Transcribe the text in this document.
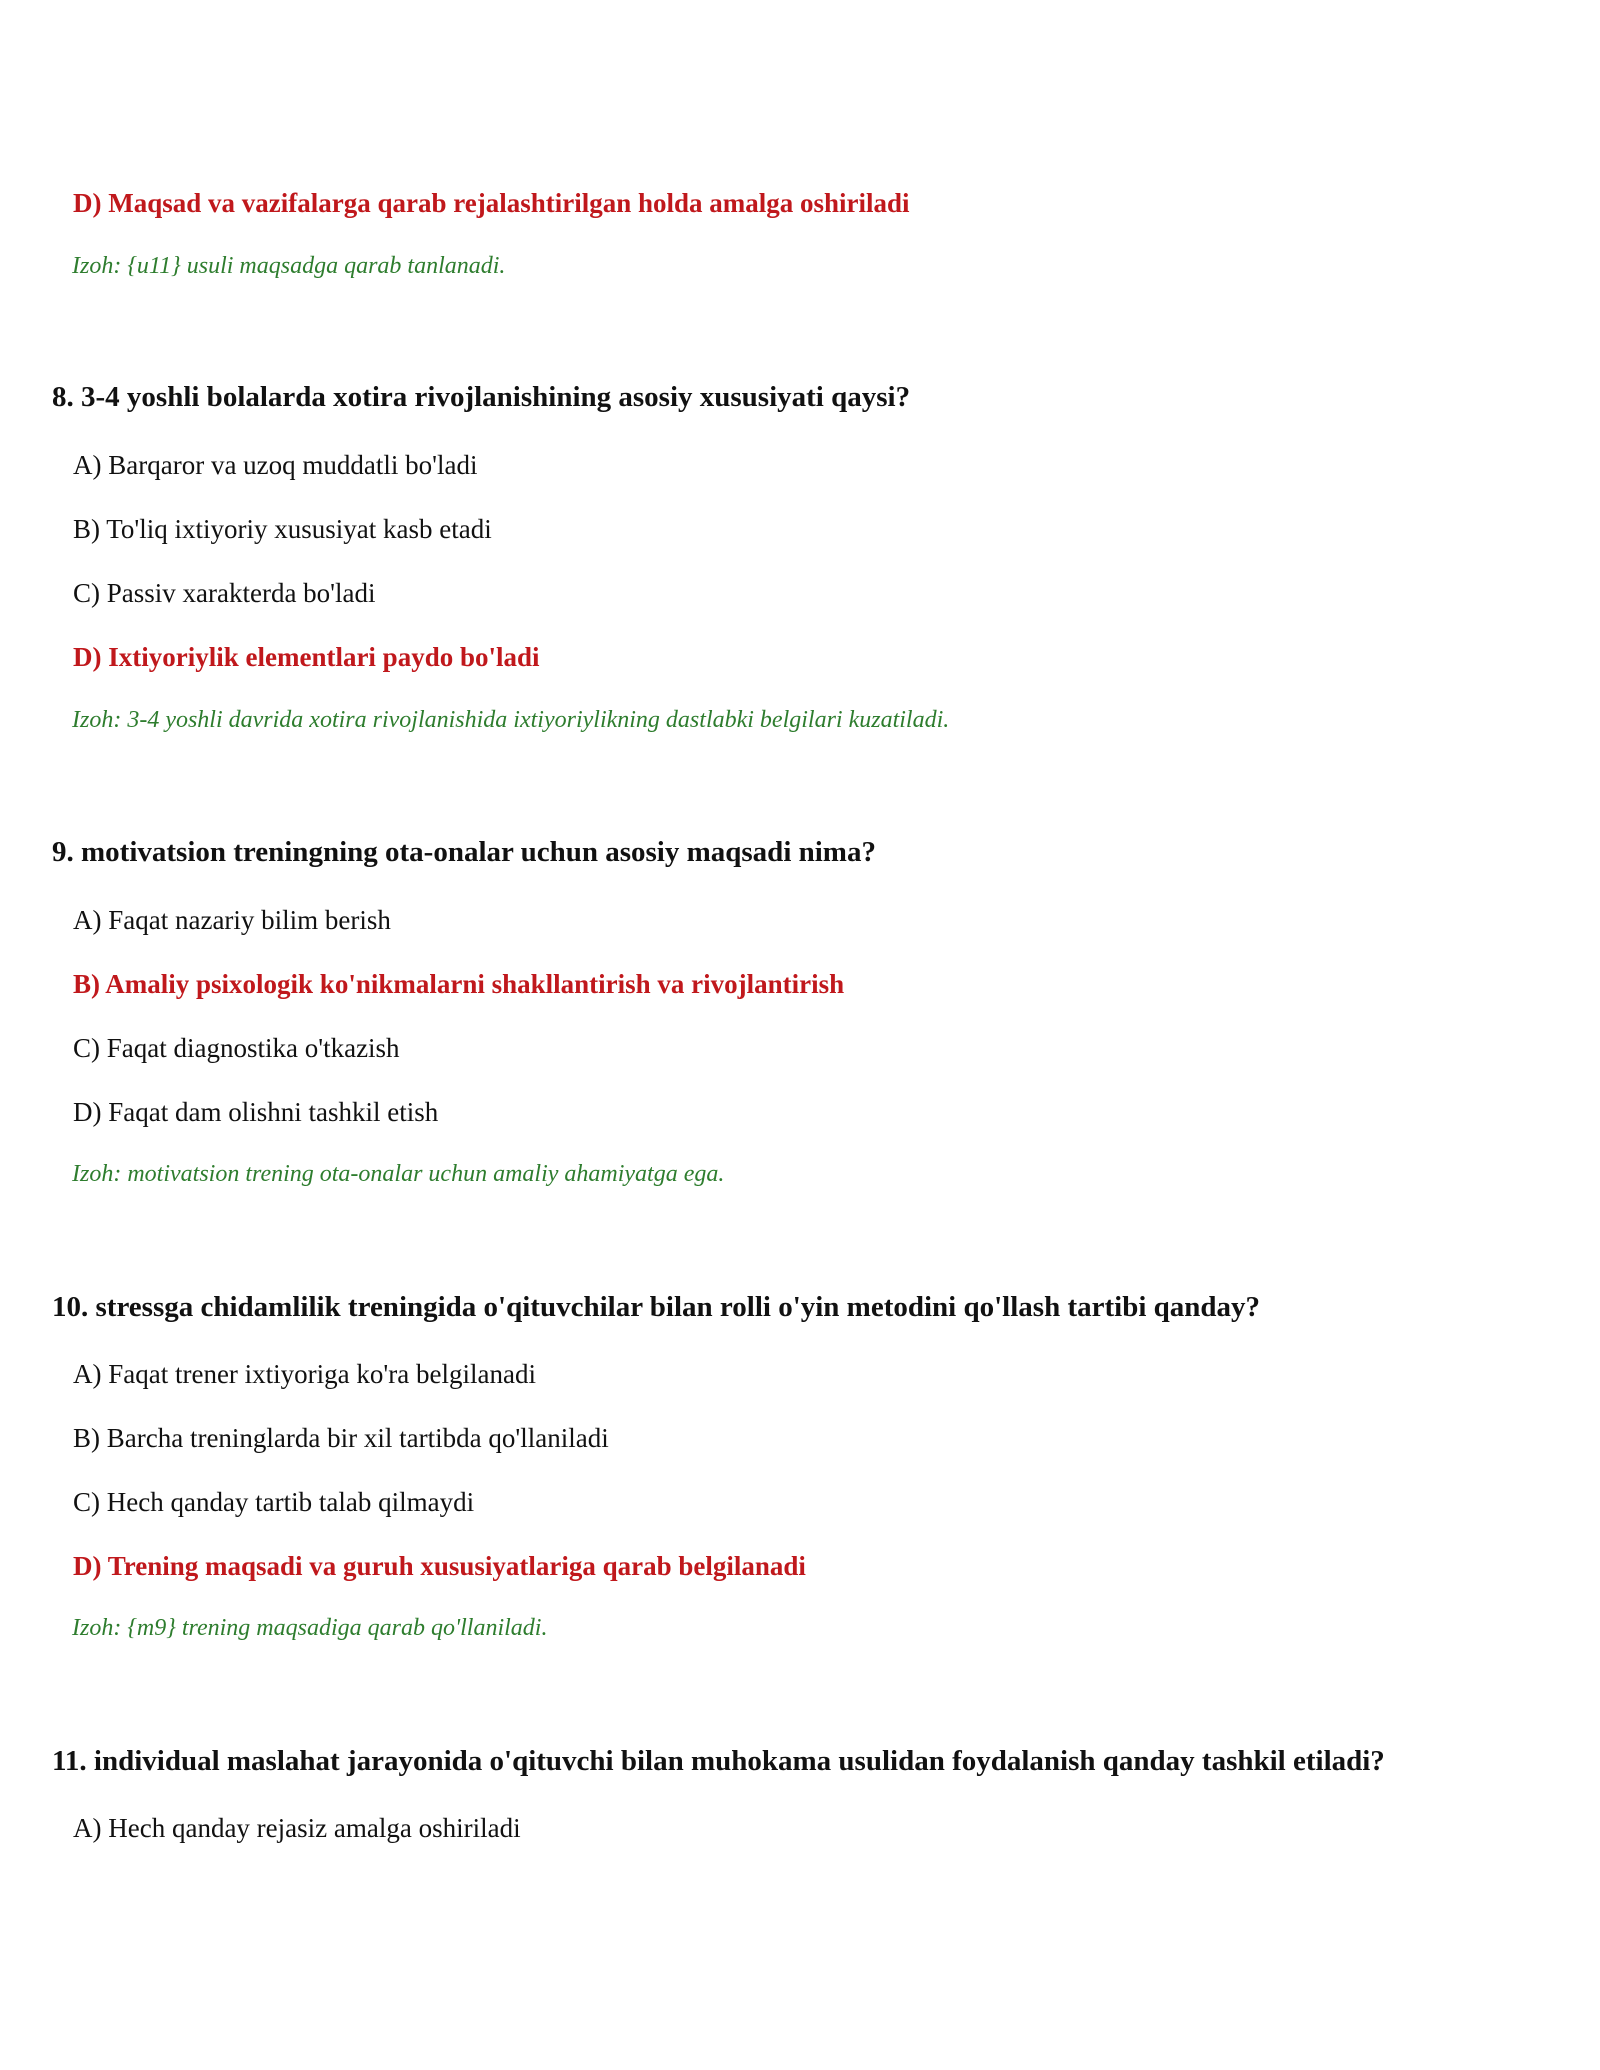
D) Maqsad va vazifalarga qarab rejalashtirilgan holda amalga oshiriladi
Izoh: {u11} usuli maqsadga qarab tanlanadi.
8. 3-4 yoshli bolalarda xotira rivojlanishining asosiy xususiyati qaysi?
A) Barqaror va uzoq muddatli bo'ladi
B) To'liq ixtiyoriy xususiyat kasb etadi
C) Passiv xarakterda bo'ladi
D) Ixtiyoriylik elementlari paydo bo'ladi
Izoh: 3-4 yoshli davrida xotira rivojlanishida ixtiyoriylikning dastlabki belgilari kuzatiladi.
9. motivatsion treningning ota-onalar uchun asosiy maqsadi nima?
A) Faqat nazariy bilim berish
B) Amaliy psixologik ko'nikmalarni shakllantirish va rivojlantirish
C) Faqat diagnostika o'tkazish
D) Faqat dam olishni tashkil etish
Izoh: motivatsion trening ota-onalar uchun amaliy ahamiyatga ega.
10. stressga chidamlilik treningida o'qituvchilar bilan rolli o'yin metodini qo'llash tartibi qanday?
A) Faqat trener ixtiyoriga ko'ra belgilanadi
B) Barcha treninglarda bir xil tartibda qo'llaniladi
C) Hech qanday tartib talab qilmaydi
D) Trening maqsadi va guruh xususiyatlariga qarab belgilanadi
Izoh: {m9} trening maqsadiga qarab qo'llaniladi.
11. individual maslahat jarayonida o'qituvchi bilan muhokama usulidan foydalanish qanday tashkil etiladi?
A) Hech qanday rejasiz amalga oshiriladi
